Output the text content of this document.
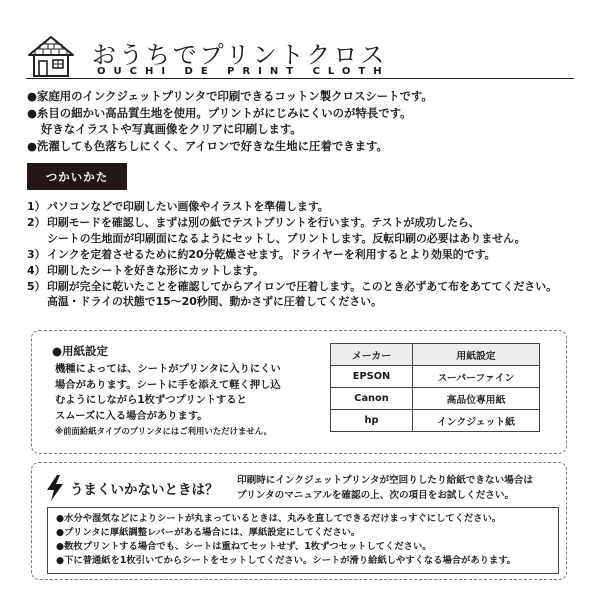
おうちでプリントクロス
OUCHI DE PRINT CLOTH
●家庭用のインクジェットプリンタで印刷できるコットン製クロスシートです。
●糸目の細かい高品質生地を使用。プリントがにじみにくいのが特長です。
好きなイラストや写真画像をクリアに印刷します。
●洗濯しても色落ちしにくく、アイロンで好きな生地に圧着できます。
つかいかた
1） パソコンなどで印刷したい画像やイラストを準備します。
2） 印刷モードを確認し、まずは別の紙でテストプリントを行います。テストが成功したら、
シートの生地面が印刷面になるようにセットし、プリントします。反転印刷の必要はありません。
3） インクを定着させるために約20分乾燥させます。ドライヤーを利用するとより効果的です。
4） 印刷したシートを好きな形にカットします。
5） 印刷が完全に乾いたことを確認してからアイロンで圧着します。このとき必ずあて布をあててください。
高温・ドライの状態で15～20秒間、動かさずに圧着してください。
●用紙設定
機種によっては、シートがプリンタに入りにくい
場合があります。シートに手を添えて軽く押し込
むようにしながら1枚ずつプリントすると
スムーズに入る場合があります。
※前面給紙タイプのプリンタにはご利用いただけません。
メーカー	用紙設定
EPSON	スーパーファイン
Canon	高品位専用紙
hp	インクジェット紙
うまくいかないときは？
印刷時にインクジェットプリンタが空回りしたり給紙できない場合は
プリンタのマニュアルを確認の上、次の項目をお試しください。
●水分や湿気などによりシートが丸まっているときは、丸みを直してできるだけまっすぐにしてください。
●プリンタに厚紙調整レバーがある場合には、厚紙設定にしてください。
●数枚プリントする場合でも、シートは重ねてセットせず、1枚ずつセットしてください。
●下に普通紙を1枚引いてからシートをセットしてください。シートが滑り給紙しやすくなる場合があります。
